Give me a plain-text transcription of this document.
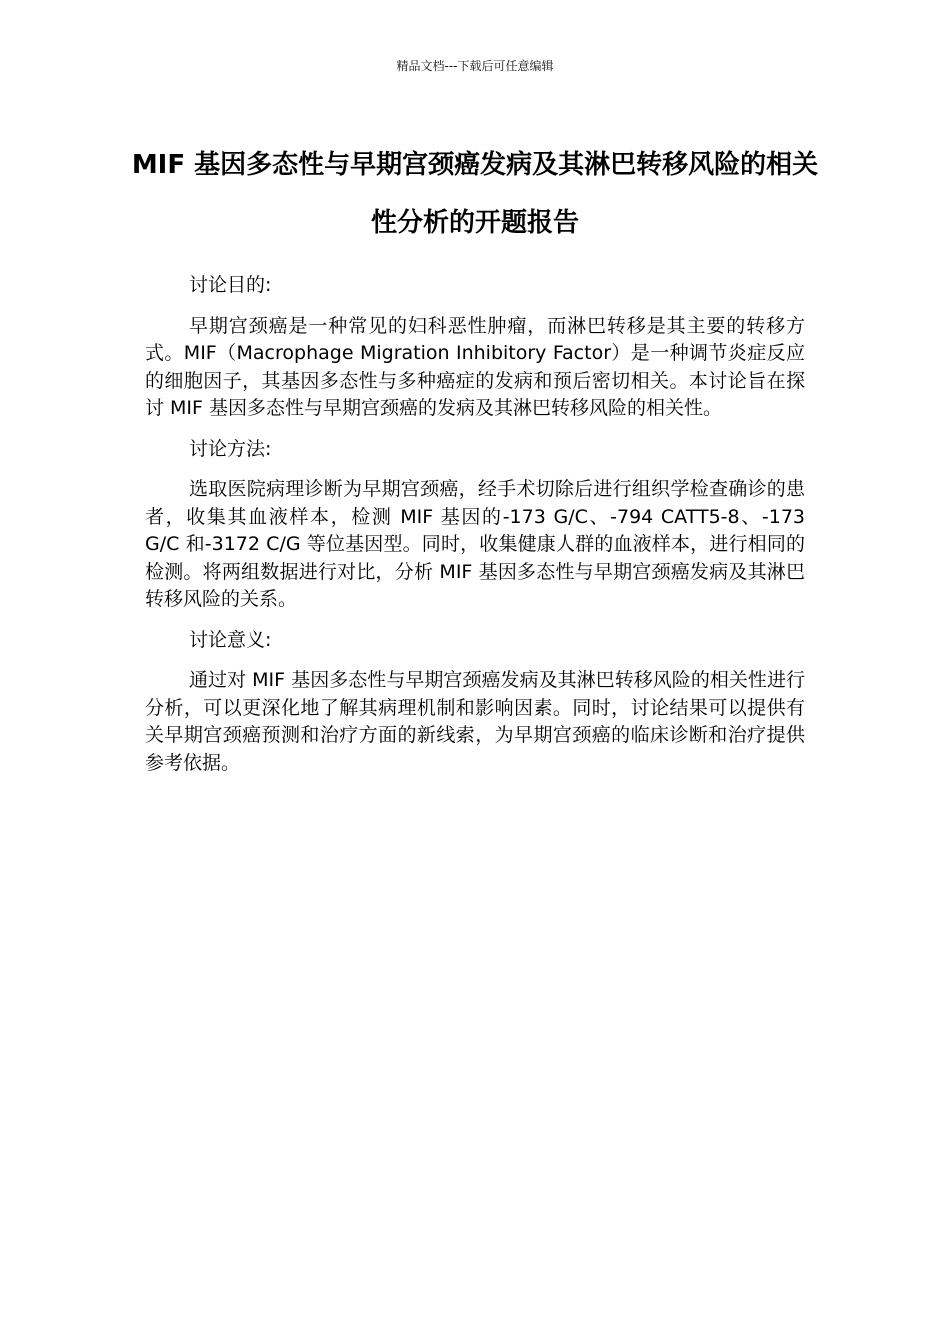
精品文档---下载后可任意编辑
MIF 基因多态性与早期宫颈癌发病及其淋巴转移风险的相关性分析的开题报告

讨论目的:

早期宫颈癌是一种常见的妇科恶性肿瘤，而淋巴转移是其主要的转移方式。MIF（Macrophage Migration Inhibitory Factor）是一种调节炎症反应的细胞因子，其基因多态性与多种癌症的发病和预后密切相关。本讨论旨在探讨 MIF 基因多态性与早期宫颈癌的发病及其淋巴转移风险的相关性。

讨论方法:

选取医院病理诊断为早期宫颈癌，经手术切除后进行组织学检查确诊的患者，收集其血液样本，检测 MIF 基因的-173 G/C、-794 CATT5-8、-173 G/C 和-3172 C/G 等位基因型。同时，收集健康人群的血液样本，进行相同的检测。将两组数据进行对比，分析 MIF 基因多态性与早期宫颈癌发病及其淋巴转移风险的关系。

讨论意义:

通过对 MIF 基因多态性与早期宫颈癌发病及其淋巴转移风险的相关性进行分析，可以更深化地了解其病理机制和影响因素。同时，讨论结果可以提供有关早期宫颈癌预测和治疗方面的新线索，为早期宫颈癌的临床诊断和治疗提供参考依据。
